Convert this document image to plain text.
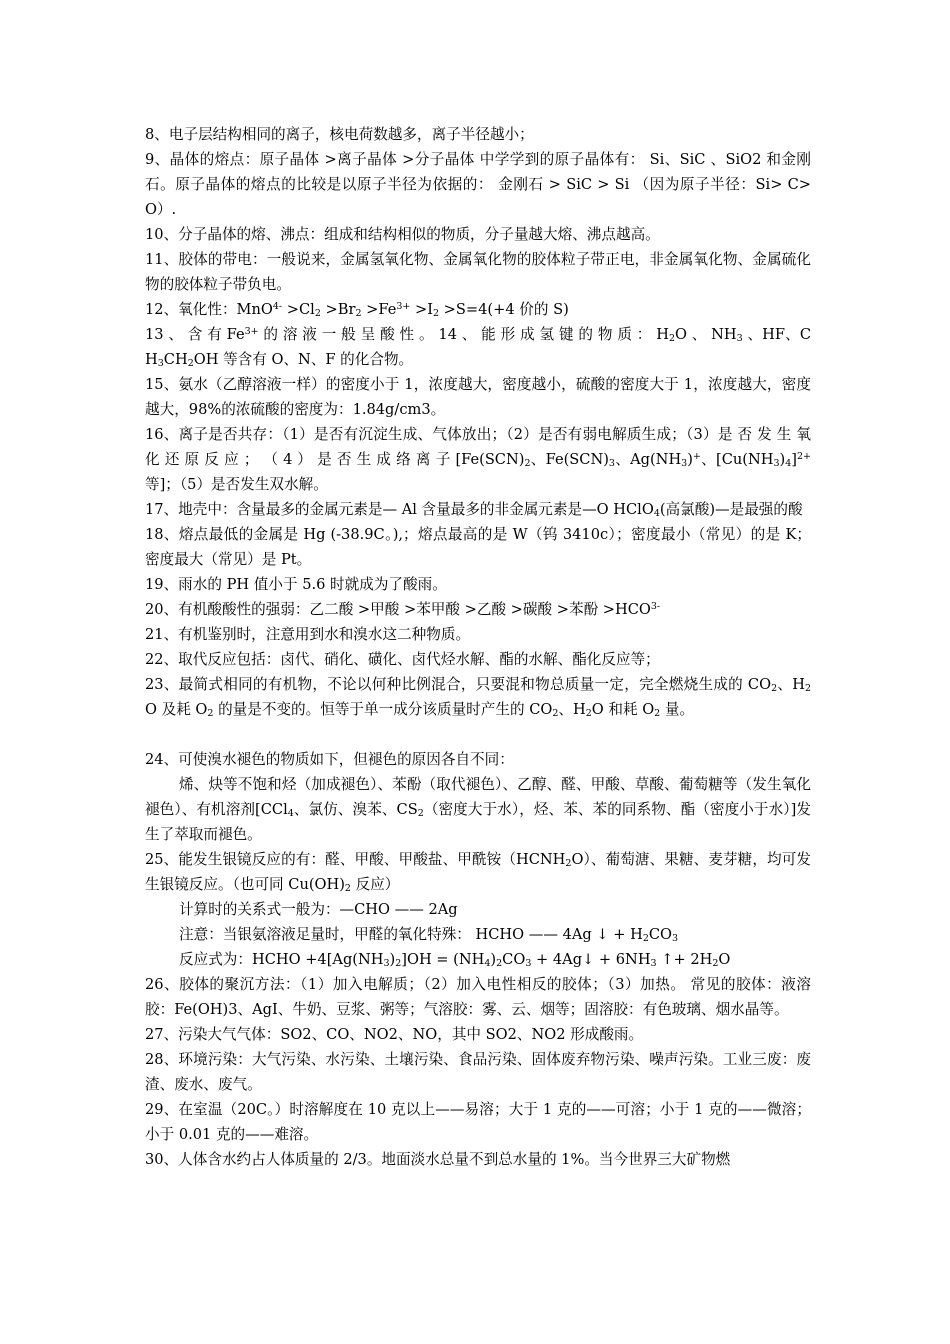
8、电子层结构相同的离子，核电荷数越多，离子半径越小；

9、晶体的熔点：原子晶体 >离子晶体 >分子晶体 中学学到的原子晶体有： Si、SiC 、SiO2 和金刚石。原子晶体的熔点的比较是以原子半径为依据的： 金刚石 > SiC > Si （因为原子半径：Si> C> O）.

10、分子晶体的熔、沸点：组成和结构相似的物质，分子量越大熔、沸点越高。

11、胶体的带电：一般说来，金属氢氧化物、金属氧化物的胶体粒子带正电，非金属氧化物、金属硫化物的胶体粒子带负电。

12、氧化性：$MnO^{4-} >Cl_2 >Br_2 >Fe^{3+} >I_2 >S=4(+4$ 价的 S)

13 、 含 有 $Fe^{3+}$ 的 溶 液 一 般 呈 酸 性 。 14 、 能 形 成 氢 键 的 物 质 ： $H_2O$ 、 $NH_3$ 、HF、$CH_3CH_2OH$ 等含有 O、N、F 的化合物。

15、氨水（乙醇溶液一样）的密度小于 1，浓度越大，密度越小，硫酸的密度大于 1，浓度越大，密度越大，98%的浓硫酸的密度为：1.84g/cm3。

16、离子是否共存：（1）是否有沉淀生成、气体放出；（2）是否有弱电解质生成；（3）是 否 发 生 氧 化 还 原 反 应 ； （ 4 ） 是 否 生 成 络 离 子 [$Fe(SCN)_2$、$Fe(SCN)_3$、$Ag(NH_3)^+$、$[Cu(NH_3)_4]^{2+}$ 等]；（5）是否发生双水解。

17、地壳中：含量最多的金属元素是— Al 含量最多的非金属元素是—O HClO$_4$(高氯酸)—是最强的酸

18、熔点最低的金属是 Hg (-38.9C。),；熔点最高的是 W（钨 3410c）；密度最小（常见）的是 K；密度最大（常见）是 Pt。

19、雨水的 PH 值小于 5.6 时就成为了酸雨。

20、有机酸酸性的强弱：乙二酸 >甲酸 >苯甲酸 >乙酸 >碳酸 >苯酚 $>HCO^{3-}$

21、有机鉴别时，注意用到水和溴水这二种物质。

22、取代反应包括：卤代、硝化、磺化、卤代烃水解、酯的水解、酯化反应等；

23、最简式相同的有机物，不论以何种比例混合，只要混和物总质量一定，完全燃烧生成的 $CO_2$、$H_2O$ 及耗 $O_2$ 的量是不变的。恒等于单一成分该质量时产生的 $CO_2$、$H_2O$ 和耗 $O_2$ 量。

24、可使溴水褪色的物质如下，但褪色的原因各自不同：

烯、炔等不饱和烃（加成褪色）、苯酚（取代褪色）、乙醇、醛、甲酸、草酸、葡萄糖等（发生氧化褪色）、有机溶剂[CCl$_4$、氯仿、溴苯、$CS_2$（密度大于水），烃、苯、苯的同系物、酯（密度小于水）]发生了萃取而褪色。

25、能发生银镜反应的有：醛、甲酸、甲酸盐、甲酰铵$(HCNH_2O)$、葡萄溏、果糖、麦芽糖，均可发生银镜反应。（也可同 $Cu(OH)_2$ 反应）

计算时的关系式一般为：—CHO —— 2Ag

注意：当银氨溶液足量时，甲醛的氧化特殊： HCHO —— 4Ag ↓ + $H_2CO_3$

反应式为：HCHO $+4[Ag(NH_3)_2]OH = (NH_4)_2CO_3$ + 4Ag↓ + $6NH_3$ ↑+ $2H_2O$

26、胶体的聚沉方法：（1）加入电解质；（2）加入电性相反的胶体；（3）加热。 常见的胶体：液溶胶：Fe(OH)3、AgI、牛奶、豆浆、粥等；气溶胶：雾、云、烟等；固溶胶：有色玻璃、烟水晶等。

27、污染大气气体：SO2、CO、NO2、NO，其中 SO2、NO2 形成酸雨。

28、环境污染：大气污染、水污染、土壤污染、食品污染、固体废弃物污染、噪声污染。工业三废：废渣、废水、废气。

29、在室温（20C。）时溶解度在 10 克以上——易溶；大于 1 克的——可溶；小于 1 克的——微溶；小于 0.01 克的——难溶。

30、人体含水约占人体质量的 2/3。地面淡水总量不到总水量的 1%。当今世界三大矿物燃
